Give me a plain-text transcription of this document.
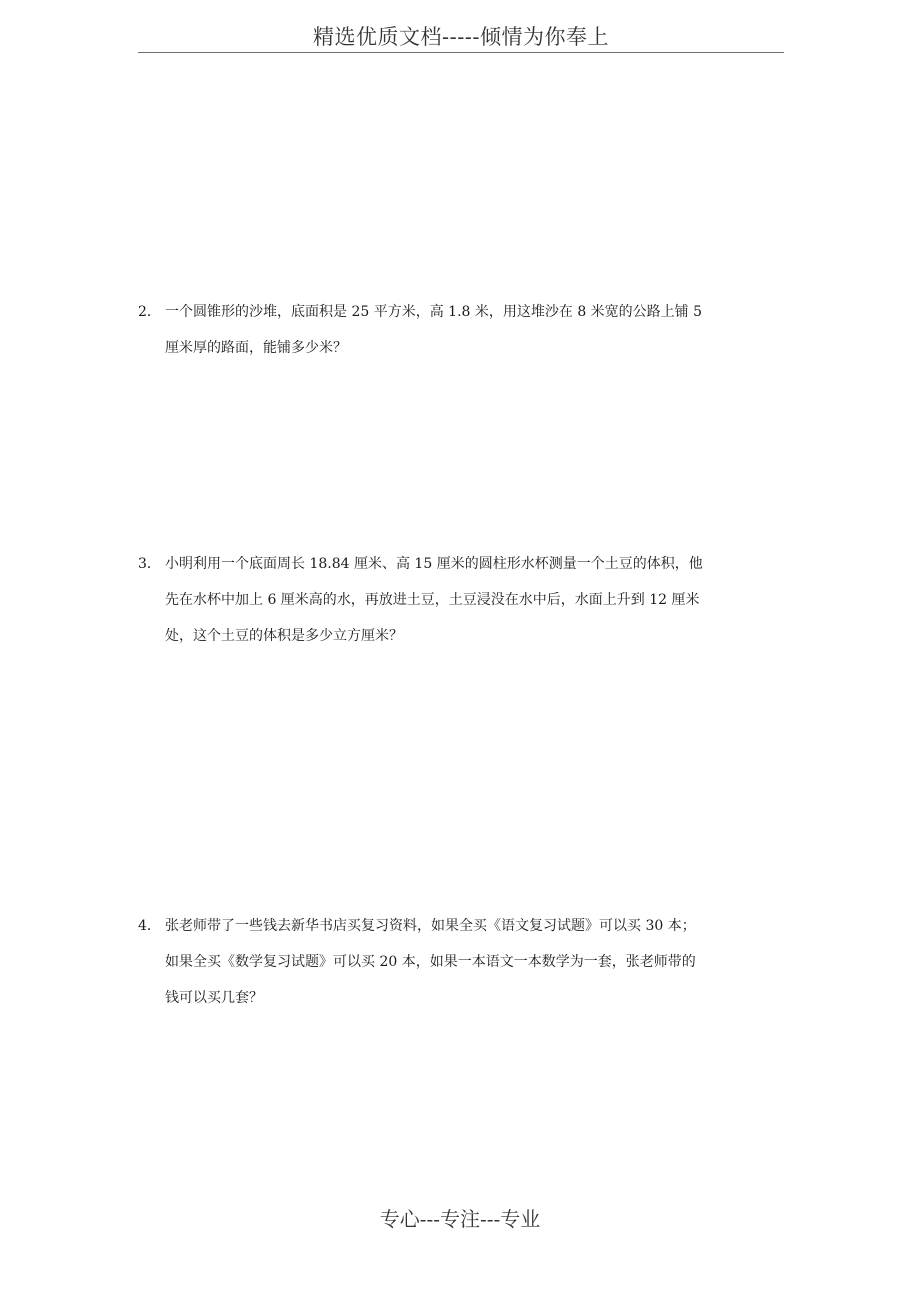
精选优质文档-----倾情为你奉上
2． 一个圆锥形的沙堆，底面积是 25 平方米，高 1.8 米，用这堆沙在 8 米宽的公路上铺 5
厘米厚的路面，能铺多少米？
3． 小明利用一个底面周长 18.84 厘米、高 15 厘米的圆柱形水杯测量一个土豆的体积，他
先在水杯中加上 6 厘米高的水，再放进土豆，土豆浸没在水中后，水面上升到 12 厘米
处，这个土豆的体积是多少立方厘米？
4． 张老师带了一些钱去新华书店买复习资料，如果全买《语文复习试题》可以买 30 本；
如果全买《数学复习试题》可以买 20 本，如果一本语文一本数学为一套，张老师带的
钱可以买几套？
专心---专注---专业
